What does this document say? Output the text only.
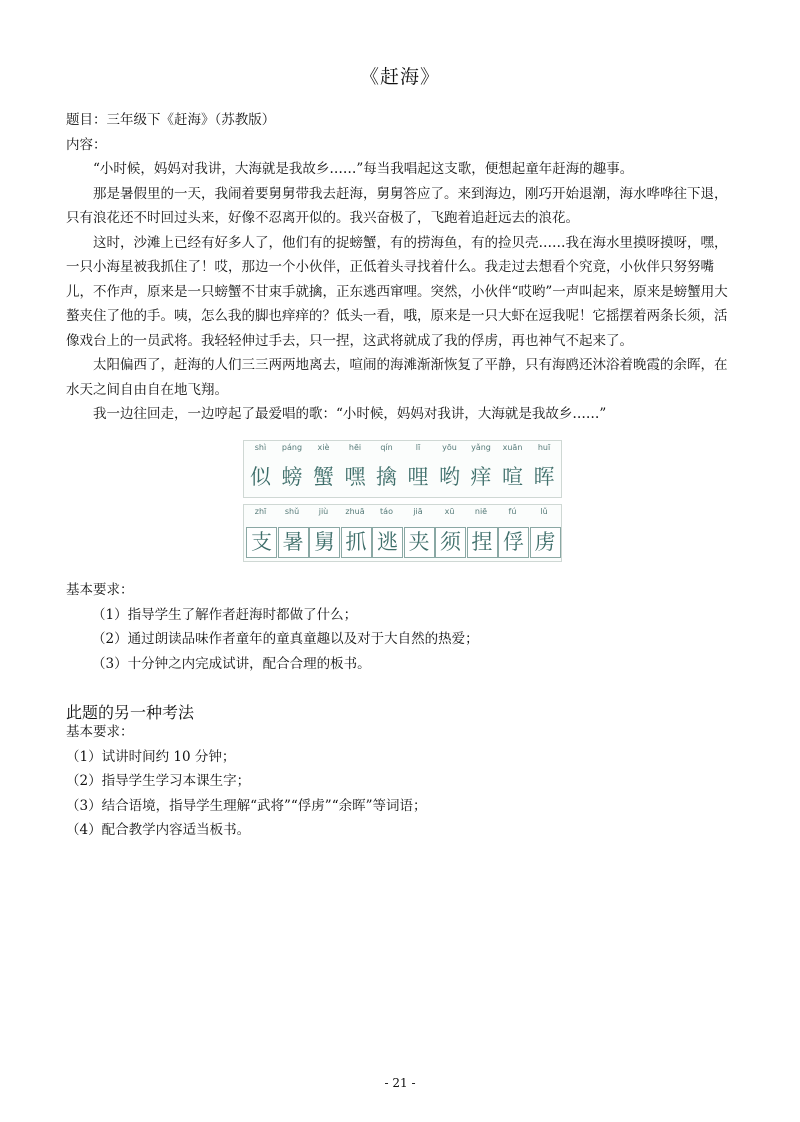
《赶海》

题目：三年级下《赶海》（苏教版）

内容：

“小时候，妈妈对我讲，大海就是我故乡……”每当我唱起这支歌，便想起童年赶海的趣事。

那是暑假里的一天，我闹着要舅舅带我去赶海，舅舅答应了。来到海边，刚巧开始退潮，海水哗哗往下退，只有浪花还不时回过头来，好像不忍离开似的。我兴奋极了，飞跑着追赶远去的浪花。

这时，沙滩上已经有好多人了，他们有的捉螃蟹，有的捞海鱼，有的捡贝壳……我在海水里摸呀摸呀，嘿，一只小海星被我抓住了！哎，那边一个小伙伴，正低着头寻找着什么。我走过去想看个究竟，小伙伴只努努嘴儿，不作声，原来是一只螃蟹不甘束手就擒，正东逃西窜哩。突然，小伙伴“哎哟”一声叫起来，原来是螃蟹用大螯夹住了他的手。咦，怎么我的脚也痒痒的？低头一看，哦，原来是一只大虾在逗我呢！它摇摆着两条长须，活像戏台上的一员武将。我轻轻伸过手去，只一捏，这武将就成了我的俘虏，再也神气不起来了。

太阳偏西了，赶海的人们三三两两地离去，喧闹的海滩渐渐恢复了平静，只有海鸥还沐浴着晚霞的余晖，在水天之间自由自在地飞翔。

我一边往回走，一边哼起了最爱唱的歌：“小时候，妈妈对我讲，大海就是我故乡……”

shì
似
páng
螃
xiè
蟹
hēi
嘿
qín
擒
lī
哩
yōu
哟
yǎng
痒
xuān
喧
huī
晖
zhī
支
shǔ
暑
jiù
舅
zhuā
抓
táo
逃
jiā
夹
xū
须
niē
捏
fú
俘
lǔ
虏
基本要求：
（1）指导学生了解作者赶海时都做了什么；
（2）通过朗读品味作者童年的童真童趣以及对于大自然的热爱；
（3）十分钟之内完成试讲，配合合理的板书。
此题的另一种考法
基本要求：
（1）试讲时间约 10 分钟；
（2）指导学生学习本课生字；
（3）结合语境，指导学生理解“武将”“俘虏”“余晖”等词语；
（4）配合教学内容适当板书。
- 21 -
